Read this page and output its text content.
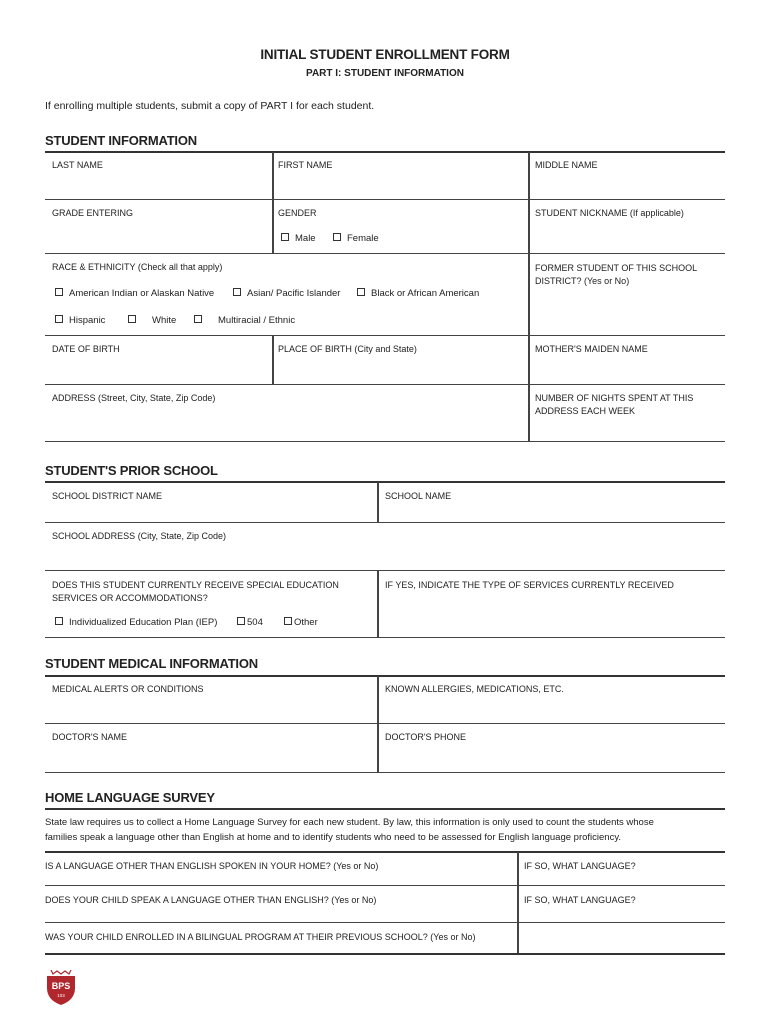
INITIAL STUDENT ENROLLMENT FORM
PART I: STUDENT INFORMATION
If enrolling multiple students, submit a copy of PART I for each student.
STUDENT INFORMATION
LAST NAME	FIRST NAME	MIDDLE NAME
GRADE ENTERING	GENDER
Male	Female
STUDENT NICKNAME (If applicable)
RACE & ETHNICITY (Check all that apply)
American Indian or Alaskan Native	Asian/ Pacific Islander	Black or African American
Hispanic	White	Multiracial / Ethnic
FORMER STUDENT OF THIS SCHOOL DISTRICT? (Yes or No)
DATE OF BIRTH	PLACE OF BIRTH (City and State)	MOTHER'S MAIDEN NAME
ADDRESS (Street, City, State, Zip Code)	NUMBER OF NIGHTS SPENT AT THIS ADDRESS EACH WEEK
STUDENT'S PRIOR SCHOOL
SCHOOL DISTRICT NAME	SCHOOL NAME
SCHOOL ADDRESS (City, State, Zip Code)
DOES THIS STUDENT CURRENTLY RECEIVE SPECIAL EDUCATION SERVICES OR ACCOMMODATIONS?
Individualized Education Plan (IEP)	504	Other
IF YES, INDICATE THE TYPE OF SERVICES CURRENTLY RECEIVED
STUDENT MEDICAL INFORMATION
MEDICAL ALERTS OR CONDITIONS	KNOWN ALLERGIES, MEDICATIONS, ETC.
DOCTOR'S NAME	DOCTOR'S PHONE
HOME LANGUAGE SURVEY
State law requires us to collect a Home Language Survey for each new student. By law, this information is only used to count the students whose
families speak a language other than English at home and to identify students who need to be assessed for English language proficiency.
IS A LANGUAGE OTHER THAN ENGLISH SPOKEN IN YOUR HOME? (Yes or No)	IF SO, WHAT LANGUAGE?
DOES YOUR CHILD SPEAK A LANGUAGE OTHER THAN ENGLISH? (Yes or No)	IF SO, WHAT LANGUAGE?
WAS YOUR CHILD ENROLLED IN A BILINGUAL PROGRAM AT THEIR PREVIOUS SCHOOL? (Yes or No)
BPS
103
